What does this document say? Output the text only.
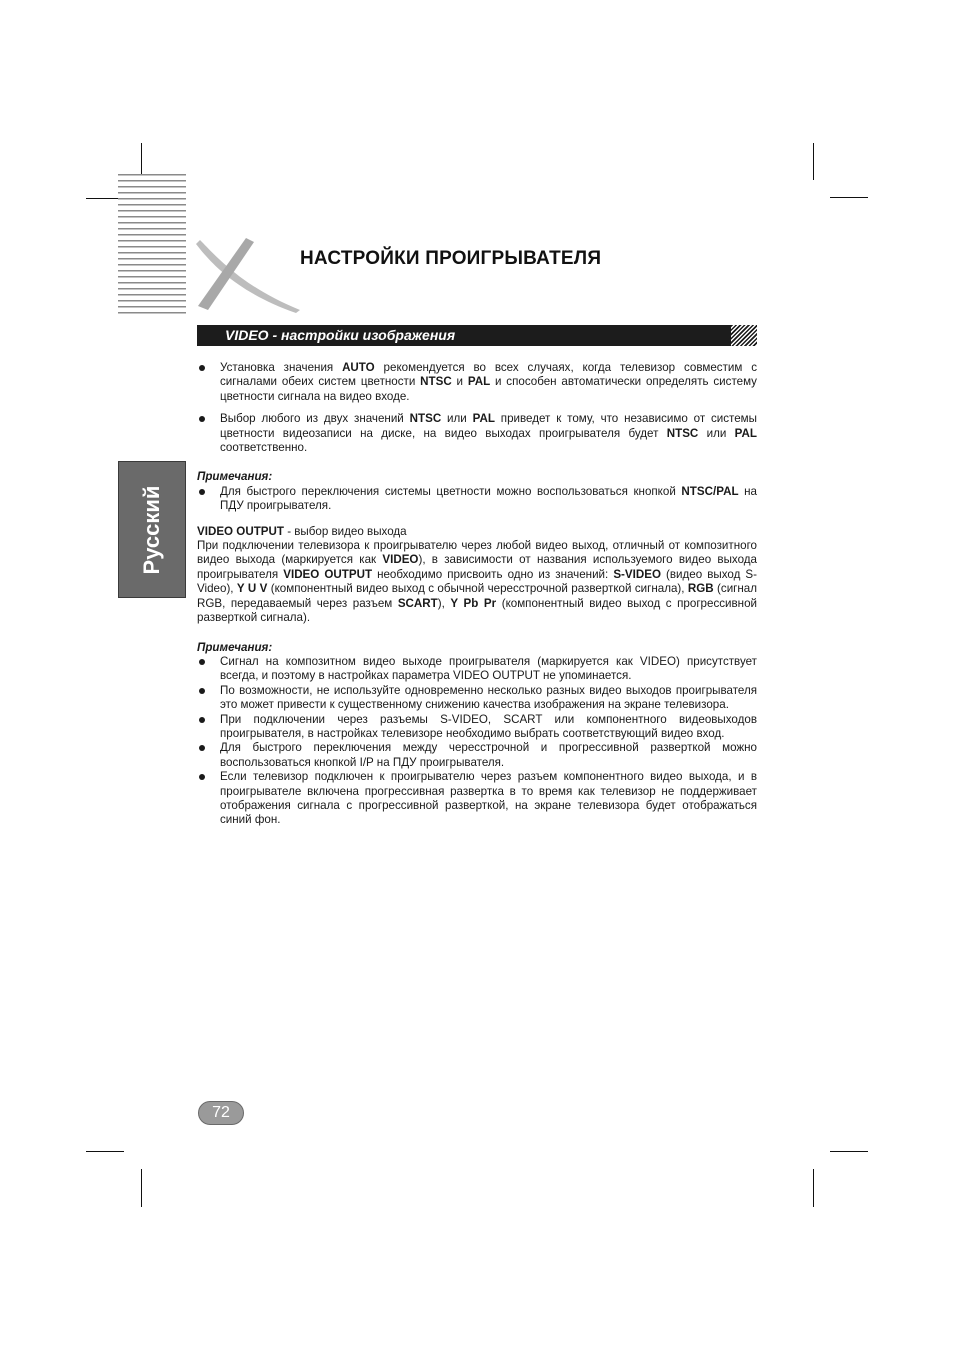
НАСТРОЙКИ ПРОИГРЫВАТЕЛЯ
VIDEO - настройки изображения
Русский
Установка значения AUTO рекомендуется во всех случаях, когда телевизор совместим с сигналами обеих систем цветности NTSC и PAL и способен автоматически определять систему цветности сигнала на видео входе.
Выбор любого из двух значений NTSC или PAL приведет к тому, что независимо от системы цветности видеозаписи на диске, на видео выходах проигрывателя будет NTSC или PAL соответственно.
Примечания:
Для быстрого переключения системы цветности можно воспользоваться кнопкой NTSC/PAL на ПДУ проигрывателя.
VIDEO OUTPUT - выбор видео выхода
При подключении телевизора к проигрывателю через любой видео выход, отличный от композитного видео выхода (маркируется как VIDEO), в зависимости от названия используемого видео выхода проигрывателя VIDEO OUTPUT необходимо присвоить одно из значений: S-VIDEO (видео выход S-Video), Y U V (компонентный видео выход с обычной чересстрочной разверткой сигнала), RGB (сигнал RGB, передаваемый через разъем SCART), Y Pb Pr (компонентный видео выход с прогрессивной разверткой сигнала).
Примечания:
Сигнал на композитном видео выходе проигрывателя (маркируется как VIDEO) присутствует всегда, и поэтому в настройках параметра VIDEO OUTPUT не упоминается.
По возможности, не используйте одновременно несколько разных видео выходов проигрывателя это может привести к существенному снижению качества изображения на экране телевизора.
При подключении через разъемы S-VIDEO, SCART или компонентного видеовыходов проигрывателя, в настройках телевизоре необходимо выбрать соответствующий видео вход.
Для быстрого переключения между чересстрочной и прогрессивной разверткой можно воспользоваться кнопкой I/P на ПДУ проигрывателя.
Если телевизор подключен к проигрывателю через разъем компонентного видео выхода, и в проигрывателе включена прогрессивная развертка в то время как телевизор не поддерживает отображения сигнала с прогрессивной разверткой, на экране телевизора будет отображаться синий фон.
72
